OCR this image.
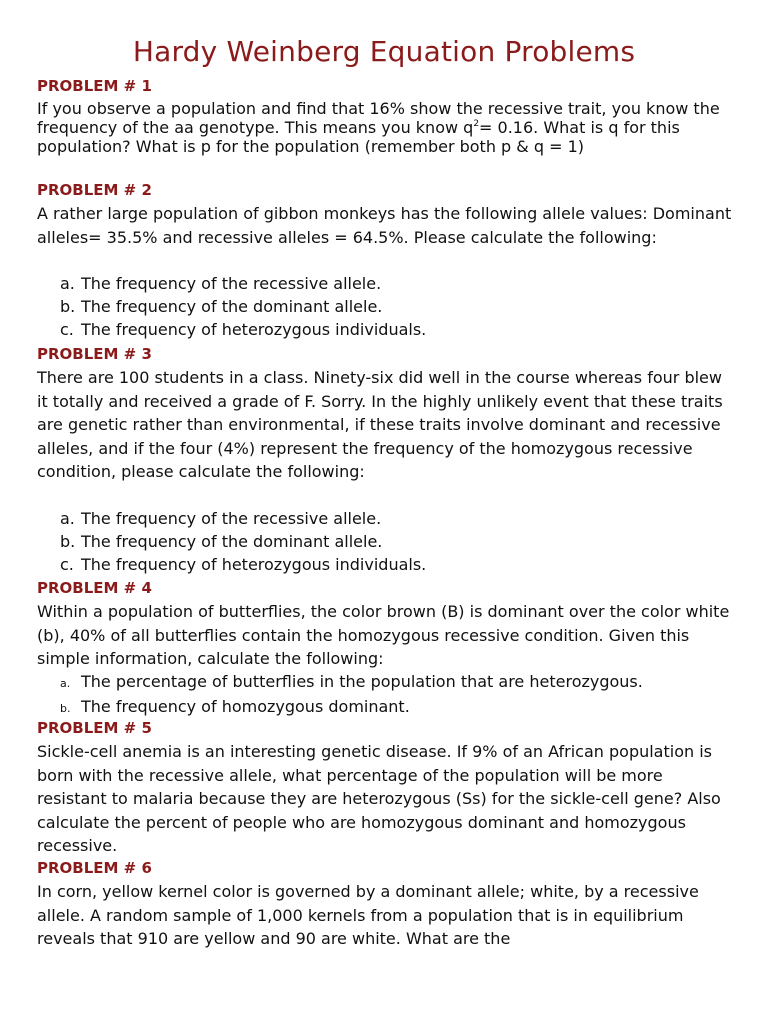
Hardy Weinberg Equation Problems
PROBLEM # 1
If you observe a population and find that 16% show the recessive trait, you know the frequency of the aa genotype. This means you know $q^2= 0.16$. What is q for this population? What is p for the population (remember both p & q = 1)
PROBLEM # 2
A rather large population of gibbon monkeys has the following allele values: Dominant alleles= 35.5% and recessive alleles = 64.5%. Please calculate the following:
a. The frequency of the recessive allele.
b. The frequency of the dominant allele.
c. The frequency of heterozygous individuals.
PROBLEM # 3
There are 100 students in a class. Ninety-six did well in the course whereas four blew it totally and received a grade of F. Sorry. In the highly unlikely event that these traits are genetic rather than environmental, if these traits involve dominant and recessive alleles, and if the four (4%) represent the frequency of the homozygous recessive condition, please calculate the following:
a. The frequency of the recessive allele.
b. The frequency of the dominant allele.
c. The frequency of heterozygous individuals.
PROBLEM # 4
Within a population of butterflies, the color brown (B) is dominant over the color white (b), 40% of all butterflies contain the homozygous recessive condition. Given this simple information, calculate the following:
a. The percentage of butterflies in the population that are heterozygous.
b. The frequency of homozygous dominant.
PROBLEM # 5
Sickle-cell anemia is an interesting genetic disease. If 9% of an African population is born with the recessive allele, what percentage of the population will be more resistant to malaria because they are heterozygous (Ss) for the sickle-cell gene? Also calculate the percent of people who are homozygous dominant and homozygous recessive.
PROBLEM # 6
In corn, yellow kernel color is governed by a dominant allele; white, by a recessive allele. A random sample of 1,000 kernels from a population that is in equilibrium reveals that 910 are yellow and 90 are white. What are the
